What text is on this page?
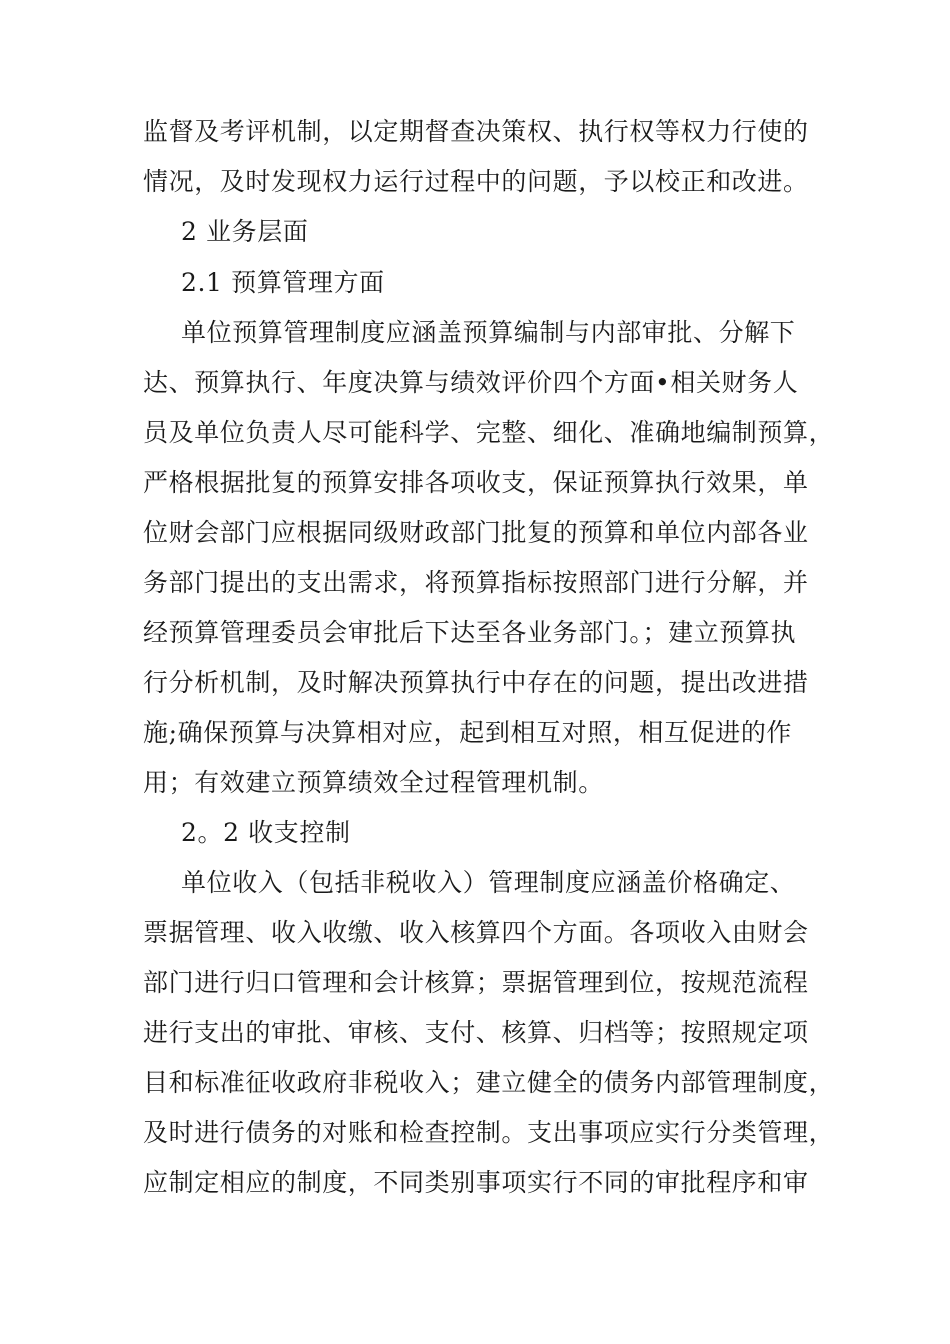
监督及考评机制，以定期督查决策权、执行权等权力行使的

情况，及时发现权力运行过程中的问题，予以校正和改进。

2 业务层面

2.1 预算管理方面

单位预算管理制度应涵盖预算编制与内部审批、分解下

达、预算执行、年度决算与绩效评价四个方面•相关财务人

员及单位负责人尽可能科学、完整、细化、准确地编制预算，

严格根据批复的预算安排各项收支，保证预算执行效果，单

位财会部门应根据同级财政部门批复的预算和单位内部各业

务部门提出的支出需求，将预算指标按照部门进行分解，并

经预算管理委员会审批后下达至各业务部门。；建立预算执

行分析机制，及时解决预算执行中存在的问题，提出改进措

施;确保预算与决算相对应，起到相互对照，相互促进的作

用；有效建立预算绩效全过程管理机制。

2。2 收支控制

单位收入（包括非税收入）管理制度应涵盖价格确定、

票据管理、收入收缴、收入核算四个方面。各项收入由财会

部门进行归口管理和会计核算；票据管理到位，按规范流程

进行支出的审批、审核、支付、核算、归档等；按照规定项

目和标准征收政府非税收入；建立健全的债务内部管理制度，

及时进行债务的对账和检查控制。支出事项应实行分类管理，

应制定相应的制度，不同类别事项实行不同的审批程序和审
